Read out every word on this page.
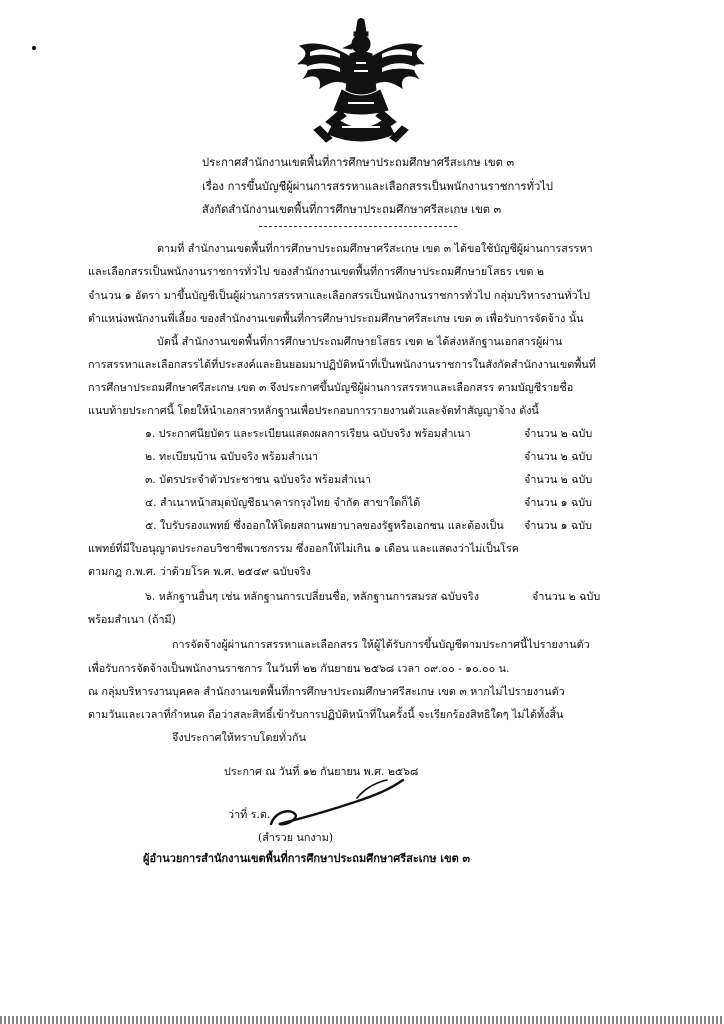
ประกาศสำนักงานเขตพื้นที่การศึกษาประถมศึกษาศรีสะเกษ เขต ๓
เรื่อง การขึ้นบัญชีผู้ผ่านการสรรหาและเลือกสรรเป็นพนักงานราชการทั่วไป
สังกัดสำนักงานเขตพื้นที่การศึกษาประถมศึกษาศรีสะเกษ เขต ๓
ตามที่ สำนักงานเขตพื้นที่การศึกษาประถมศึกษาศรีสะเกษ เขต ๓ ได้ขอใช้บัญชีผู้ผ่านการสรรหา
และเลือกสรรเป็นพนักงานราชการทั่วไป ของสำนักงานเขตพื้นที่การศึกษาประถมศึกษายโสธร เขต ๒
จำนวน ๑ อัตรา มาขึ้นบัญชีเป็นผู้ผ่านการสรรหาและเลือกสรรเป็นพนักงานราชการทั่วไป กลุ่มบริหารงานทั่วไป
ตำแหน่งพนักงานพี่เลี้ยง ของสำนักงานเขตพื้นที่การศึกษาประถมศึกษาศรีสะเกษ เขต ๓ เพื่อรับการจัดจ้าง นั้น
บัดนี้ สำนักงานเขตพื้นที่การศึกษาประถมศึกษายโสธร เขต ๒ ได้ส่งหลักฐานเอกสารผู้ผ่าน
การสรรหาและเลือกสรรได้ที่ประสงค์และยินยอมมาปฏิบัติหน้าที่เป็นพนักงานราชการในสังกัดสำนักงานเขตพื้นที่
การศึกษาประถมศึกษาศรีสะเกษ เขต ๓ จึงประกาศขึ้นบัญชีผู้ผ่านการสรรหาและเลือกสรร ตามบัญชีรายชื่อ
แนบท้ายประกาศนี้ โดยให้นำเอกสารหลักฐานเพื่อประกอบการรายงานตัวและจัดทำสัญญาจ้าง ดังนี้
๑. ประกาศนียบัตร และระเบียนแสดงผลการเรียน ฉบับจริง พร้อมสำเนา	จำนวน ๒ ฉบับ
๒. ทะเบียนบ้าน ฉบับจริง พร้อมสำเนา	จำนวน ๒ ฉบับ
๓. บัตรประจำตัวประชาชน ฉบับจริง พร้อมสำเนา	จำนวน ๒ ฉบับ
๔. สำเนาหน้าสมุดบัญชีธนาคารกรุงไทย จำกัด สาขาใดก็ได้	จำนวน ๑ ฉบับ
๕. ใบรับรองแพทย์ ซึ่งออกให้โดยสถานพยาบาลของรัฐหรือเอกชน และต้องเป็น จำนวน ๑ ฉบับ
แพทย์ที่มีใบอนุญาตประกอบวิชาชีพเวชกรรม ซึ่งออกให้ไม่เกิน ๑ เดือน และแสดงว่าไม่เป็นโรค
ตามกฎ ก.พ.ศ. ว่าด้วยโรค พ.ศ. ๒๕๔๙ ฉบับจริง
๖. หลักฐานอื่นๆ เช่น หลักฐานการเปลี่ยนชื่อ, หลักฐานการสมรส ฉบับจริง	จำนวน ๒ ฉบับ
พร้อมสำเนา (ถ้ามี)
การจัดจ้างผู้ผ่านการสรรหาและเลือกสรร ให้ผู้ได้รับการขึ้นบัญชีตามประกาศนี้ไปรายงานตัว
เพื่อรับการจัดจ้างเป็นพนักงานราชการ ในวันที่ ๒๒ กันยายน ๒๕๖๘ เวลา ๐๙.๐๐ - ๑๐.๐๐ น.
ณ กลุ่มบริหารงานบุคคล สำนักงานเขตพื้นที่การศึกษาประถมศึกษาศรีสะเกษ เขต ๓ หากไม่ไปรายงานตัว
ตามวันและเวลาที่กำหนด ถือว่าสละสิทธิ์เข้ารับการปฏิบัติหน้าที่ในครั้งนี้ จะเรียกร้องสิทธิใดๆ ไม่ได้ทั้งสิ้น
จึงประกาศให้ทราบโดยทั่วกัน
ประกาศ ณ วันที่ ๑๒ กันยายน พ.ศ. ๒๕๖๘
ว่าที่ ร.ต.
(สำรวย นกงาม)
ผู้อำนวยการสำนักงานเขตพื้นที่การศึกษาประถมศึกษาศรีสะเกษ เขต ๓
